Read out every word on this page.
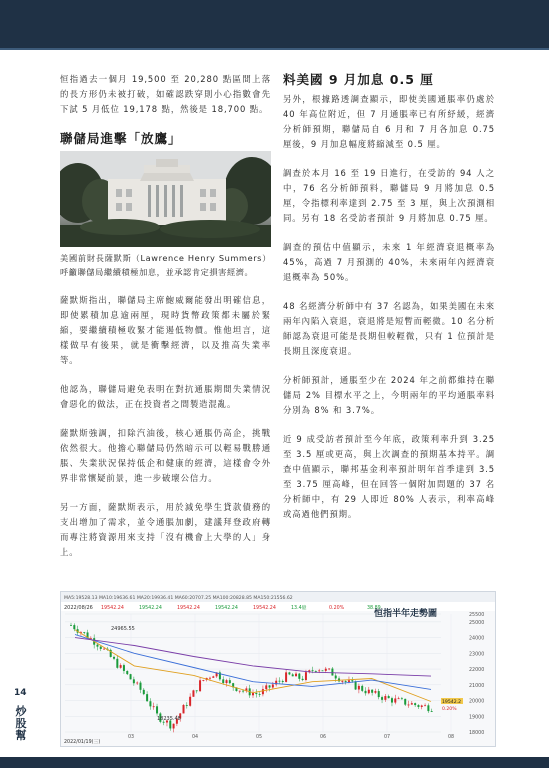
14
炒股幫

恒指過去一個月 19,500 至 20,280 點區間上落的長方形仍未被打破，如確認跌穿則小心指數會先下試 5 月低位 19,178 點，然後是 18,700 點。

聯儲局進擊「放鷹」

美國前財長薩默斯（Lawrence Henry Summers）呼籲聯儲局繼續積極加息，並承認肯定損害經濟。

薩默斯指出，聯儲局主席鮑威爾能發出明確信息，即使累積加息逾兩厘，現時貨幣政策都未屬於緊縮，要繼續積極收緊才能遏低物價。惟他坦言，這樣做早有後果，就是衝擊經濟，以及推高失業率等。

他認為，聯儲局避免表明在對抗通脹期間失業情況會惡化的做法，正在投資者之間製造混亂。

薩默斯強調，扣除汽油後，核心通脹仍高企，挑戰依然很大。他擔心聯儲局仍然暗示可以輕易戰勝通脹、失業狀況保持低企和健康的經濟，這樣會令外界非常懷疑前景，進一步破壞公信力。

另一方面，薩默斯表示，用於減免學生貸款債務的支出增加了需求，並令通脹加劇，建議拜登政府轉而專注將資源用來支持「沒有機會上大學的人」身上。

料美國 9 月加息 0.5 厘

另外，根據路透調查顯示，即使美國通脹率仍處於 40 年高位附近，但 7 月通脹率已有所紓緩，經濟分析師預期，聯儲局自 6 月和 7 月各加息 0.75 厘後，9 月加息幅度將縮減至 0.5 厘。

調查於本月 16 至 19 日進行，在受訪的 94 人之中，76 名分析師預料，聯儲局 9 月將加息 0.5 厘，令指標利率達到 2.75 至 3 厘，與上次預測相同。另有 18 名受訪者預計 9 月將加息 0.75 厘。

調查的預估中值顯示，未來 1 年經濟衰退概率為 45%，高過 7 月預測的 40%，未來兩年內經濟衰退概率為 50%。

48 名經濟分析師中有 37 名認為，如果美國在未來兩年內陷入衰退，衰退將是短暫而輕微。10 名分析師認為衰退可能是長期但較輕微，只有 1 位預計是長期且深度衰退。

分析師預計，通脹至少在 2024 年之前都維持在聯儲局 2% 目標水平之上，今明兩年的平均通脹率料分別為 8% 和 3.7%。

近 9 成受訪者預計至今年底，政策利率升到 3.25 至 3.5 厘或更高，與上次調查的預期基本持平。調查中值顯示，聯邦基金利率預計明年首季達到 3.5 至 3.75 厘高峰，但在回答一個附加問題的 37 名分析師中，有 29 人即近 80% 人表示，利率高峰或高過他們預期。

MA5:19528.13 MA10:19636.61 MA20:19936.41 MA60:20707.25 MA100:20828.85 MA150:21556.62
2022/08/26 19542.24	19542.24	19542.24	19542.24	19542.24	13.4億	0.20%	38.89
25500
25000
24000
23000
22000
21000
20000
19000
18000
03	04	05	06	07	08
24965.55
18235.48
2022/01/19(三)
19542.2
0.20%
恒指半年走勢圖
